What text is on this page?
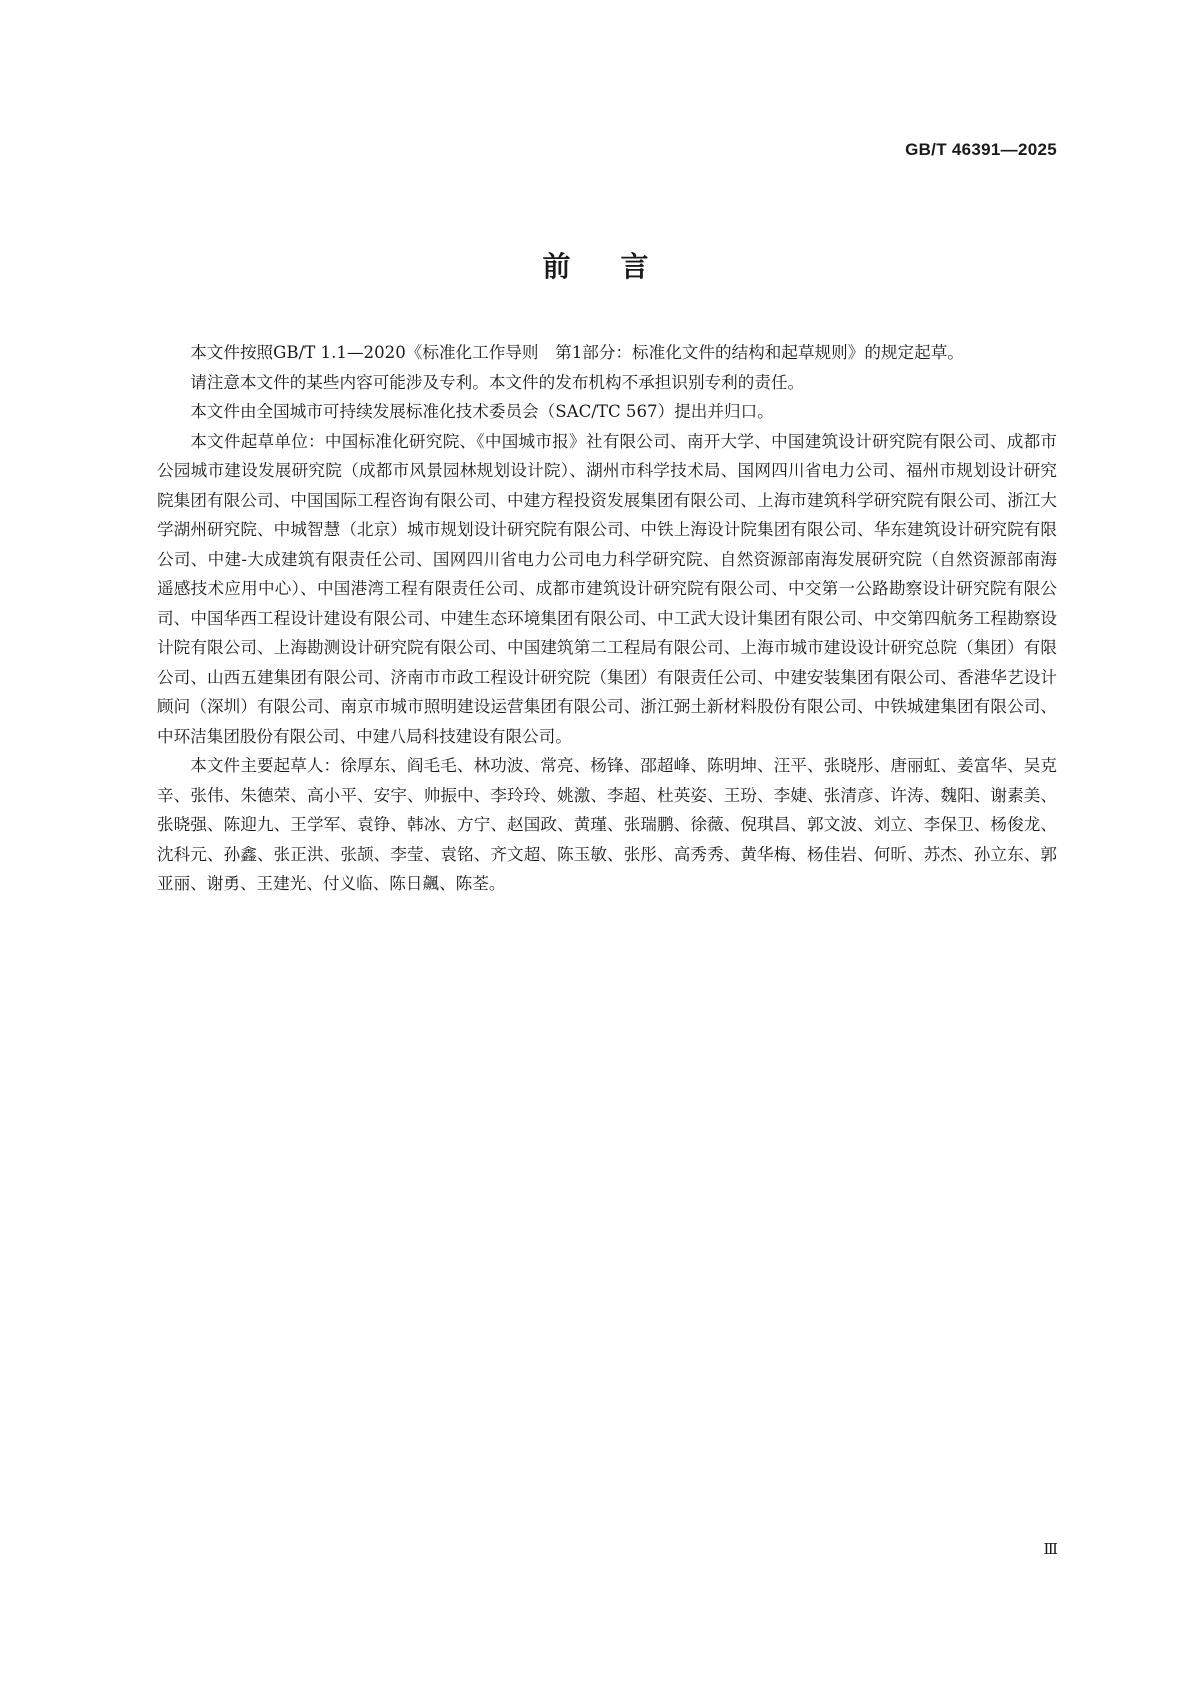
GB/T 46391—2025
前言

本文件按照GB/T 1.1—2020《标准化工作导则　第1部分：标准化文件的结构和起草规则》的规定起草。

请注意本文件的某些内容可能涉及专利。本文件的发布机构不承担识别专利的责任。

本文件由全国城市可持续发展标准化技术委员会（SAC/TC 567）提出并归口。

本文件起草单位：中国标准化研究院、《中国城市报》社有限公司、南开大学、中国建筑设计研究院有限公司、成都市公园城市建设发展研究院（成都市风景园林规划设计院）、湖州市科学技术局、国网四川省电力公司、福州市规划设计研究院集团有限公司、中国国际工程咨询有限公司、中建方程投资发展集团有限公司、上海市建筑科学研究院有限公司、浙江大学湖州研究院、中城智慧（北京）城市规划设计研究院有限公司、中铁上海设计院集团有限公司、华东建筑设计研究院有限公司、中建-大成建筑有限责任公司、国网四川省电力公司电力科学研究院、自然资源部南海发展研究院（自然资源部南海遥感技术应用中心）、中国港湾工程有限责任公司、成都市建筑设计研究院有限公司、中交第一公路勘察设计研究院有限公司、中国华西工程设计建设有限公司、中建生态环境集团有限公司、中工武大设计集团有限公司、中交第四航务工程勘察设计院有限公司、上海勘测设计研究院有限公司、中国建筑第二工程局有限公司、上海市城市建设设计研究总院（集团）有限公司、山西五建集团有限公司、济南市市政工程设计研究院（集团）有限责任公司、中建安装集团有限公司、香港华艺设计顾问（深圳）有限公司、南京市城市照明建设运营集团有限公司、浙江弼土新材料股份有限公司、中铁城建集团有限公司、中环洁集团股份有限公司、中建八局科技建设有限公司。

本文件主要起草人：徐厚东、阎毛毛、林功波、常亮、杨锋、邵超峰、陈明坤、汪平、张晓彤、唐丽虹、姜富华、吴克辛、张伟、朱德荣、高小平、安宇、帅振中、李玲玲、姚激、李超、杜英姿、王玢、李婕、张清彦、许涛、魏阳、谢素美、张晓强、陈迎九、王学军、袁铮、韩冰、方宁、赵国政、黄瑾、张瑞鹏、徐薇、倪琪昌、郭文波、刘立、李保卫、杨俊龙、沈科元、孙鑫、张正洪、张颉、李莹、袁铭、齐文超、陈玉敏、张彤、高秀秀、黄华梅、杨佳岩、何昕、苏杰、孙立东、郭亚丽、谢勇、王建光、付义临、陈日飆、陈荃。

Ⅲ
